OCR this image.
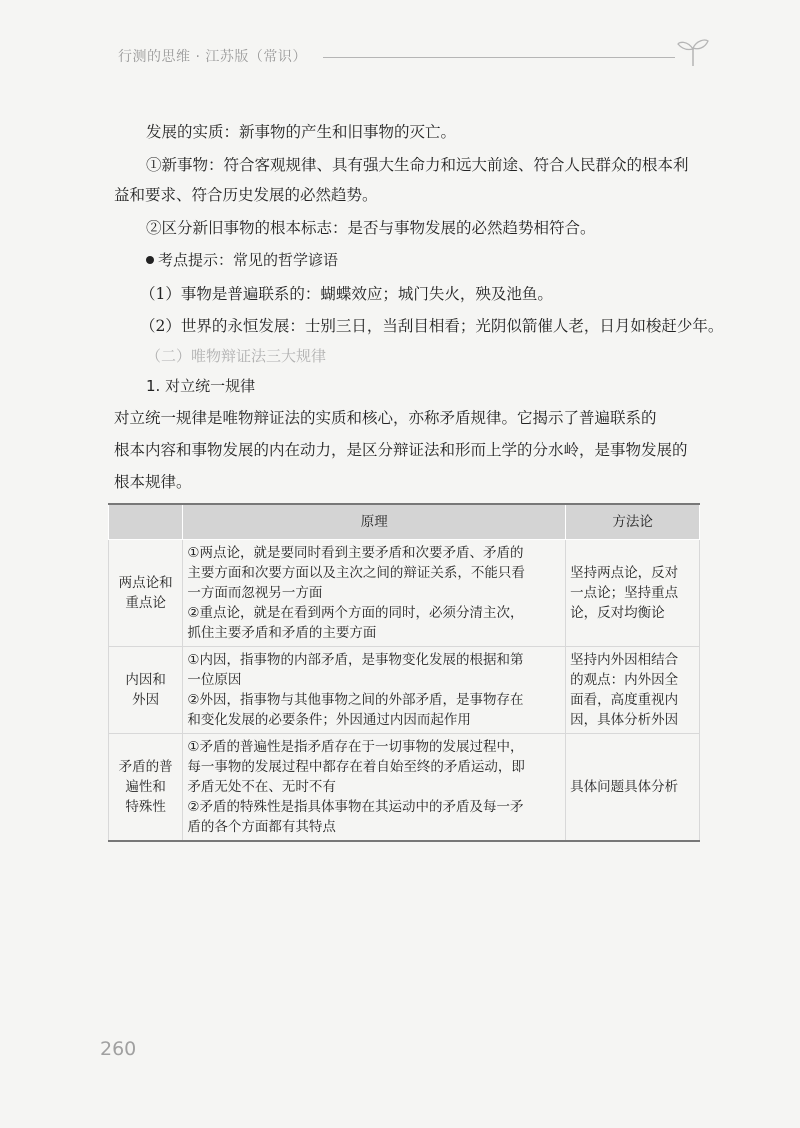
行测的思维 · 江苏版（常识）
发展的实质：新事物的产生和旧事物的灭亡。
①新事物：符合客观规律、具有强大生命力和远大前途、符合人民群众的根本利
益和要求、符合历史发展的必然趋势。
②区分新旧事物的根本标志：是否与事物发展的必然趋势相符合。
考点提示：常见的哲学谚语
（1）事物是普遍联系的：蝴蝶效应；城门失火，殃及池鱼。
（2）世界的永恒发展：士别三日，当刮目相看；光阴似箭催人老，日月如梭赶少年。
（二）唯物辩证法三大规律
1. 对立统一规律
对立统一规律是唯物辩证法的实质和核心，亦称矛盾规律。它揭示了普遍联系的
根本内容和事物发展的内在动力，是区分辩证法和形而上学的分水岭，是事物发展的
根本规律。
	原理	方法论

两点论和
重点论	①两点论，就是要同时看到主要矛盾和次要矛盾、矛盾的
主要方面和次要方面以及主次之间的辩证关系，不能只看
一方面而忽视另一方面
②重点论，就是在看到两个方面的同时，必须分清主次，
抓住主要矛盾和矛盾的主要方面	坚持两点论，反对
一点论；坚持重点
论，反对均衡论

内因和
外因	①内因，指事物的内部矛盾，是事物变化发展的根据和第
一位原因
②外因，指事物与其他事物之间的外部矛盾，是事物存在
和变化发展的必要条件；外因通过内因而起作用	坚持内外因相结合
的观点：内外因全
面看，高度重视内
因，具体分析外因

矛盾的普
遍性和
特殊性	①矛盾的普遍性是指矛盾存在于一切事物的发展过程中，
每一事物的发展过程中都存在着自始至终的矛盾运动，即
矛盾无处不在、无时不有
②矛盾的特殊性是指具体事物在其运动中的矛盾及每一矛
盾的各个方面都有其特点	具体问题具体分析
260
